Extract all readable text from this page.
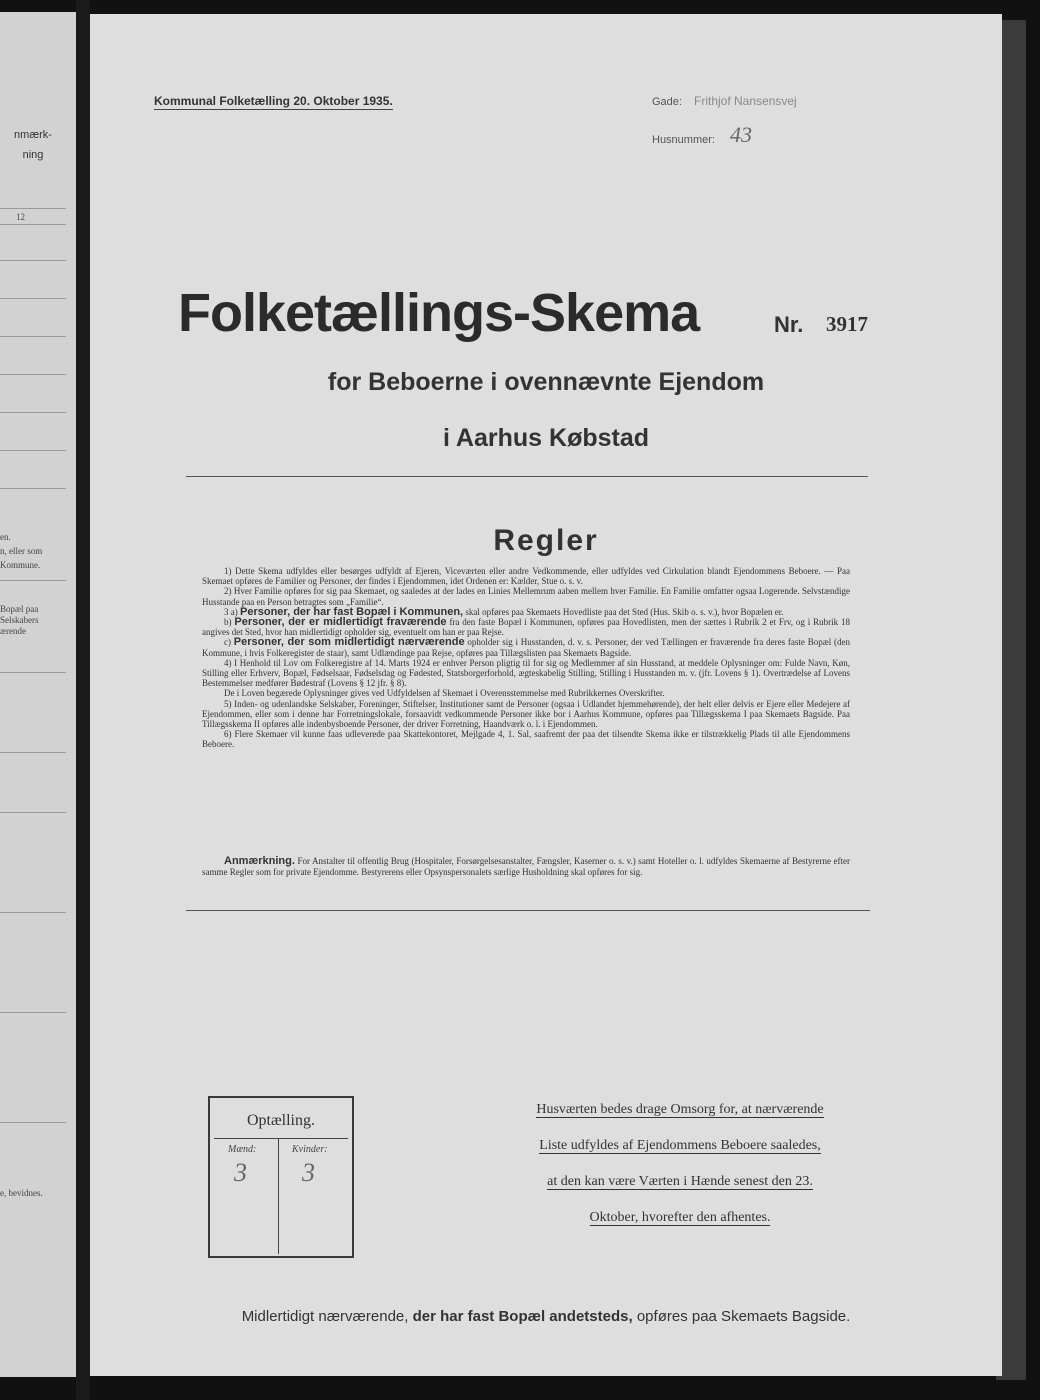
nmærk-
ning
12
en.
n, eller som
Kommune.
Bopæl paa
Selskabers
ærende
e, bevidnes.
Kommunal Folketælling 20. Oktober 1935.	Gade: Frithjof Nansensvej
Husnummer: 43
Folketællings-Skema	Nr. 3917
for Beboerne i ovennævnte Ejendom
i Aarhus Købstad
Regler

1) Dette Skema udfyldes eller besørges udfyldt af Ejeren, Viceværten eller andre Vedkommende, eller udfyldes ved Cirkulation blandt Ejendommens Beboere. — Paa Skemaet opføres de Familier og Personer, der findes i Ejendommen, idet Ordenen er: Kælder, Stue o. s. v.

2) Hver Familie opføres for sig paa Skemaet, og saaledes at der lades en Linies Mellemrum aaben mellem hver Familie. En Familie omfatter ogsaa Logerende. Selvstændige Husstande paa en Person betragtes som „Familie“.

3 a) Personer, der har fast Bopæl i Kommunen, skal opføres paa Skemaets Hovedliste paa det Sted (Hus. Skib o. s. v.), hvor Bopælen er.

b) Personer, der er midlertidigt fraværende fra den faste Bopæl i Kommunen, opføres paa Hovedlisten, men der sættes i Rubrik 2 et Frv, og i Rubrik 18 angives det Sted, hvor han midlertidigt opholder sig, eventuelt om han er paa Rejse.

c) Personer, der som midlertidigt nærværende opholder sig i Husstanden, d. v. s. Personer, der ved Tællingen er fraværende fra deres faste Bopæl (den Kommune, i hvis Folkeregister de staar), samt Udlændinge paa Rejse, opføres paa Tillægslisten paa Skemaets Bagside.

4) I Henhold til Lov om Folkeregistre af 14. Marts 1924 er enhver Person pligtig til for sig og Medlemmer af sin Husstand, at meddele Oplysninger om: Fulde Navn, Køn, Stilling eller Erhverv, Bopæl, Fødselsaar, Fødselsdag og Fødested, Statsborgerforhold, ægteskabelig Stilling, Stilling i Husstanden m. v. (jfr. Lovens § 1). Overtrædelse af Lovens Bestemmelser medfører Bødestraf (Lovens § 12 jfr. § 8).

De i Loven begærede Oplysninger gives ved Udfyldelsen af Skemaet i Overensstemmelse med Rubrikkernes Overskrifter.

5) Inden- og udenlandske Selskaber, Foreninger, Stiftelser, Institutioner samt de Personer (ogsaa i Udlandet hjemmehørende), der helt eller delvis er Ejere eller Medejere af Ejendommen, eller som i denne har Forretningslokale, forsaavidt vedkommende Personer ikke bor i Aarhus Kommune, opføres paa Tillægsskema I paa Skemaets Bagside. Paa Tillægsskema II opføres alle indenbysboende Personer, der driver Forretning, Haandværk o. l. i Ejendommen.

6) Flere Skemaer vil kunne faas udleverede paa Skattekontoret, Mejlgade 4, 1. Sal, saafremt der paa det tilsendte Skema ikke er tilstrækkelig Plads til alle Ejendommens Beboere.

Anmærkning. For Anstalter til offentlig Brug (Hospitaler, Forsørgelsesanstalter, Fængsler, Kaserner o. s. v.) samt Hoteller o. l. udfyldes Skemaerne af Bestyrerne efter samme Regler som for private Ejendomme. Bestyrerens eller Opsynspersonalets særlige Husholdning skal opføres for sig.
Optælling.
Mænd:	Kvinder:
3 3
Husværten bedes drage Omsorg for, at nærværende
Liste udfyldes af Ejendommens Beboere saaledes,
at den kan være Værten i Hænde senest den 23.
Oktober, hvorefter den afhentes.
Midlertidigt nærværende, der har fast Bopæl andetsteds, opføres paa Skemaets Bagside.
